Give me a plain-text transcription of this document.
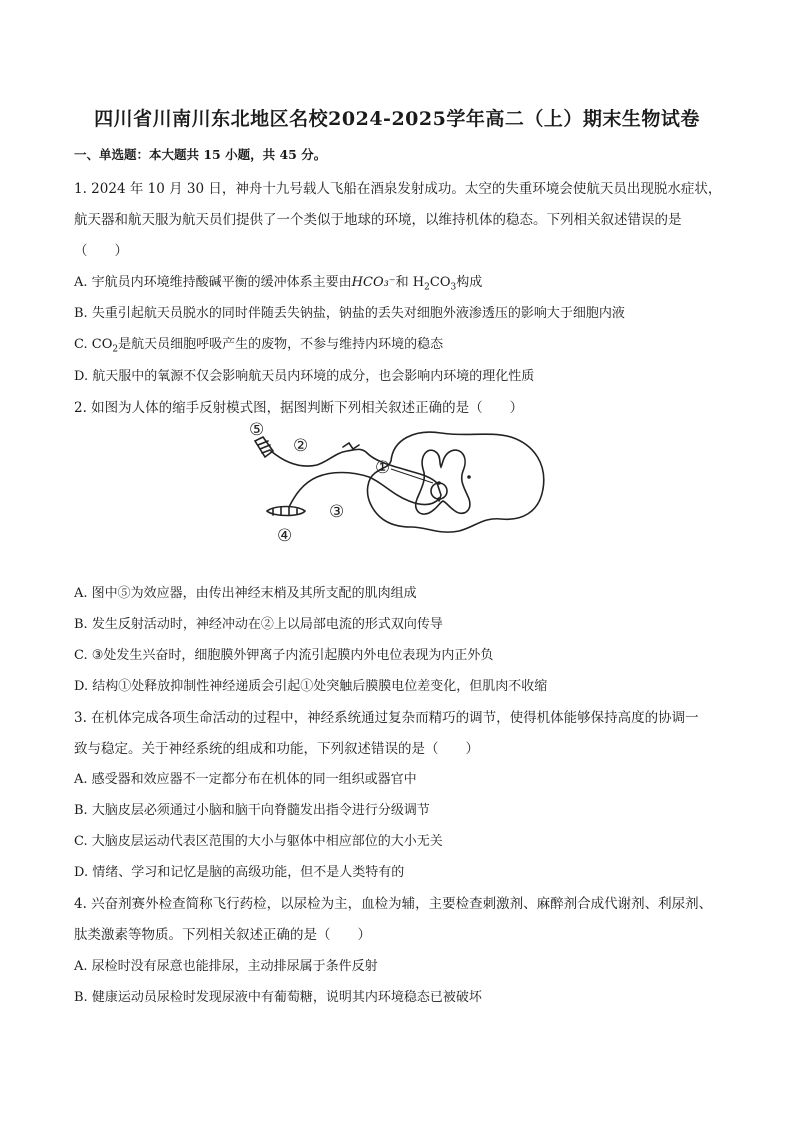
四川省川南川东北地区名校2024-2025学年高二（上）期末生物试卷
一、单选题：本大题共 15 小题，共 45 分。
1. 2024 年 10 月 30 日，神舟十九号载人飞船在酒泉发射成功。太空的失重环境会使航天员出现脱水症状，
航天器和航天服为航天员们提供了一个类似于地球的环境，以维持机体的稳态。下列相关叙述错误的是
（　　）
A. 宇航员内环境维持酸碱平衡的缓冲体系主要由HCO₃⁻和 $H_2CO_3$构成
B. 失重引起航天员脱水的同时伴随丢失钠盐，钠盐的丢失对细胞外液渗透压的影响大于细胞内液
C. $CO_2$是航天员细胞呼吸产生的废物，不参与维持内环境的稳态
D. 航天服中的氧源不仅会影响航天员内环境的成分，也会影响内环境的理化性质
2. 如图为人体的缩手反射模式图，据图判断下列相关叙述正确的是（　　）
①
②
③
④
⑤
A. 图中⑤为效应器，由传出神经末梢及其所支配的肌肉组成
B. 发生反射活动时，神经冲动在②上以局部电流的形式双向传导
C. ③处发生兴奋时，细胞膜外钾离子内流引起膜内外电位表现为内正外负
D. 结构①处释放抑制性神经递质会引起①处突触后膜膜电位差变化，但肌肉不收缩
3. 在机体完成各项生命活动的过程中，神经系统通过复杂而精巧的调节，使得机体能够保持高度的协调一
致与稳定。关于神经系统的组成和功能，下列叙述错误的是（　　）
A. 感受器和效应器不一定都分布在机体的同一组织或器官中
B. 大脑皮层必须通过小脑和脑干向脊髓发出指令进行分级调节
C. 大脑皮层运动代表区范围的大小与躯体中相应部位的大小无关
D. 情绪、学习和记忆是脑的高级功能，但不是人类特有的
4. 兴奋剂赛外检查简称飞行药检，以尿检为主，血检为辅，主要检查刺激剂、麻醉剂合成代谢剂、利尿剂、
肽类激素等物质。下列相关叙述正确的是（　　）
A. 尿检时没有尿意也能排尿，主动排尿属于条件反射
B. 健康运动员尿检时发现尿液中有葡萄糖，说明其内环境稳态已被破坏
